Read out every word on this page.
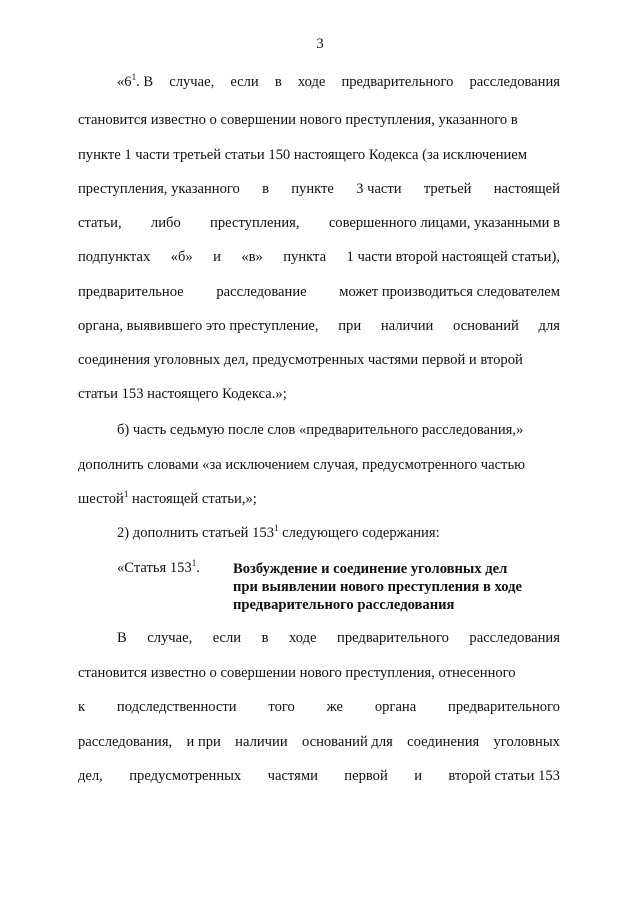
3
«$6^1$. В случае, если в ходе предварительного расследования
становится известно о совершении нового преступления, указанного в
пункте 1 части третьей статьи 150 настоящего Кодекса (за исключением
преступления, указанного в пункте 3 части третьей настоящей
статьи, либо преступления, совершенного лицами, указанными в
подпунктах «б» и «в» пункта 1 части второй настоящей статьи),
предварительное расследование может производиться следователем
органа, выявившего это преступление, при наличии оснований для
соединения уголовных дел, предусмотренных частями первой и второй
статьи 153 настоящего Кодекса.»;
б) часть седьмую после слов «предварительного расследования,»
дополнить словами «за исключением случая, предусмотренного частью
шестой$^1$ настоящей статьи,»;
2) дополнить статьей $153^1$ следующего содержания:
«Статья $153^1$. Возбуждение и соединение уголовных дел
при выявлении нового преступления в ходе
предварительного расследования
В случае, если в ходе предварительного расследования
становится известно о совершении нового преступления, отнесенного
к подследственности того же органа предварительного
расследования, и при наличии оснований для соединения уголовных
дел, предусмотренных частями первой и второй статьи 153
